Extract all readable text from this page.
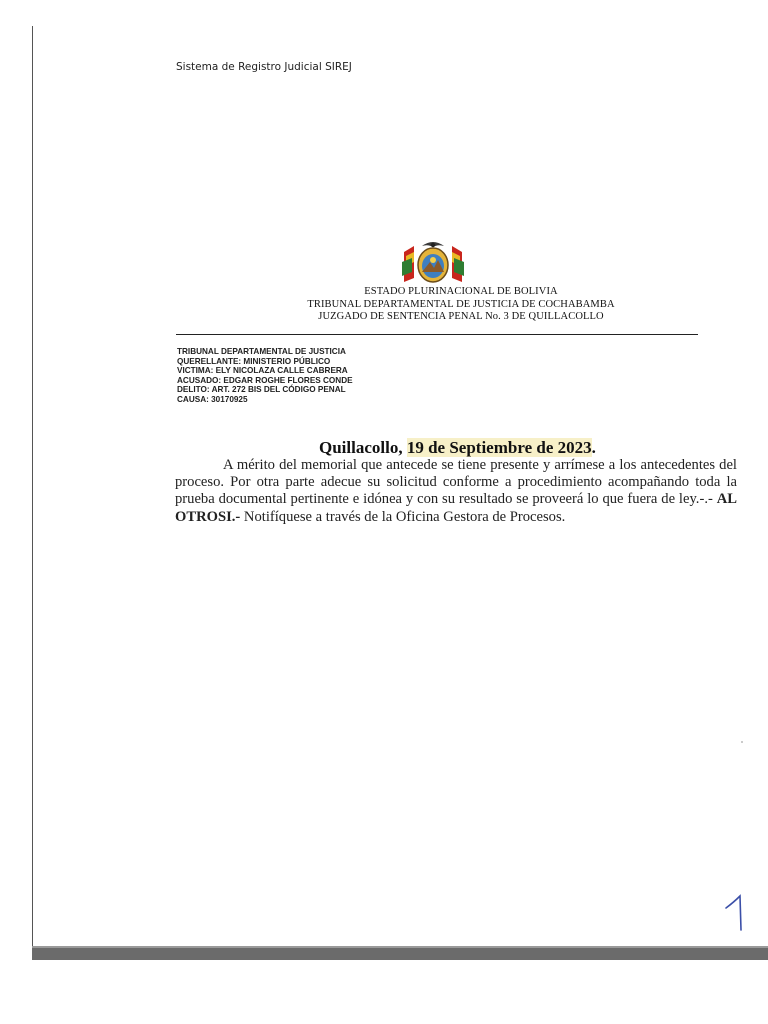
Sistema de Registro Judicial SIREJ
ESTADO PLURINACIONAL DE BOLIVIA
TRIBUNAL DEPARTAMENTAL DE JUSTICIA DE COCHABAMBA
JUZGADO DE SENTENCIA PENAL No. 3 DE QUILLACOLLO
TRIBUNAL DEPARTAMENTAL DE JUSTICIA
QUERELLANTE: MINISTERIO PÚBLICO
VICTIMA: ELY NICOLAZA CALLE CABRERA
ACUSADO: EDGAR ROGHE FLORES CONDE
DELITO: ART. 272 BIS DEL CÓDIGO PENAL
CAUSA: 30170925
Quillacollo, 19 de Septiembre de 2023.

A mérito del memorial que antecede se tiene presente y arrímese a los antecedentes del proceso. Por otra parte adecue su solicitud conforme a procedimiento acompañando toda la prueba documental pertinente e idónea y con su resultado se proveerá lo que fuera de ley.-.- AL OTROSI.- Notifíquese a través de la Oficina Gestora de Procesos.
